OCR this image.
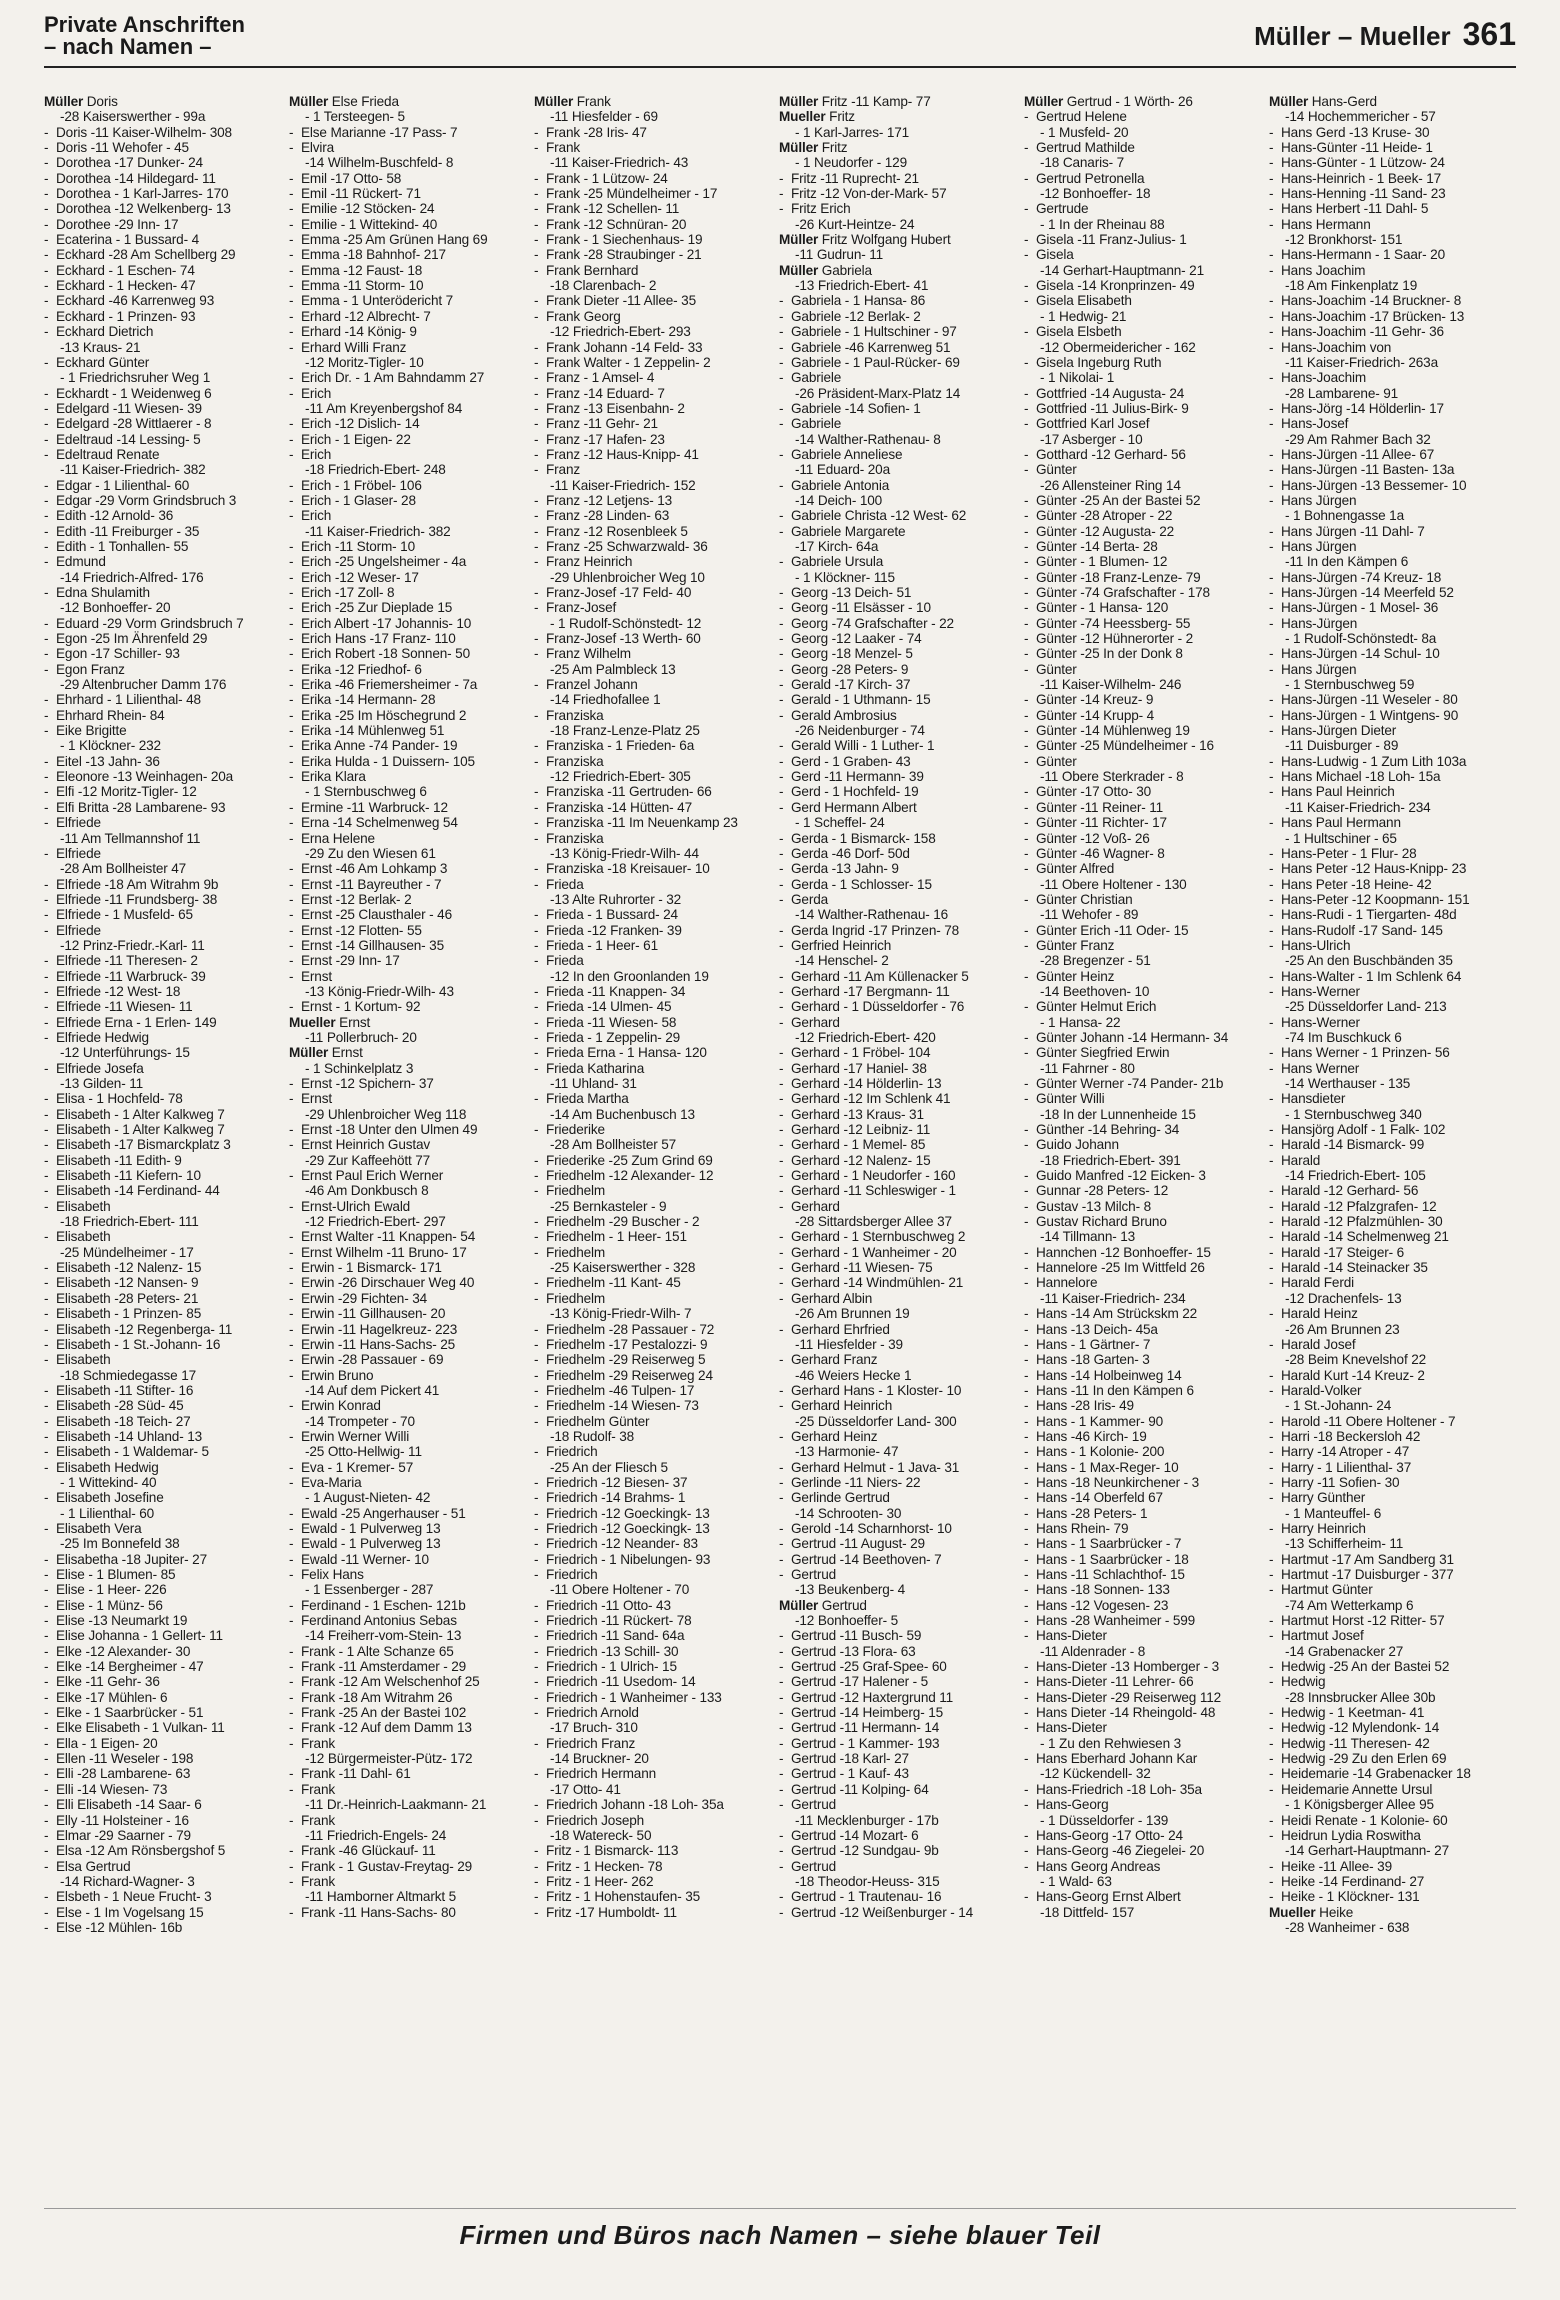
Private Anschriften
– nach Namen –	Müller – Mueller 361
Müller Doris
-28 Kaiserswerther - 99a
- Doris -11 Kaiser-Wilhelm- 308
- Doris -11 Wehofer - 45
- Dorothea -17 Dunker- 24
- Dorothea -14 Hildegard- 11
- Dorothea - 1 Karl-Jarres- 170
- Dorothea -12 Welkenberg- 13
- Dorothee -29 Inn- 17
- Ecaterina - 1 Bussard- 4
- Eckhard -28 Am Schellberg 29
- Eckhard - 1 Eschen- 74
- Eckhard - 1 Hecken- 47
- Eckhard -46 Karrenweg 93
- Eckhard - 1 Prinzen- 93
- Eckhard Dietrich
-13 Kraus- 21
- Eckhard Günter
- 1 Friedrichsruher Weg 1
- Eckhardt - 1 Weidenweg 6
- Edelgard -11 Wiesen- 39
- Edelgard -28 Wittlaerer - 8
- Edeltraud -14 Lessing- 5
- Edeltraud Renate
-11 Kaiser-Friedrich- 382
- Edgar - 1 Lilienthal- 60
- Edgar -29 Vorm Grindsbruch 3
- Edith -12 Arnold- 36
- Edith -11 Freiburger - 35
- Edith - 1 Tonhallen- 55
- Edmund
-14 Friedrich-Alfred- 176
- Edna Shulamith
-12 Bonhoeffer- 20
- Eduard -29 Vorm Grindsbruch 7
- Egon -25 Im Ährenfeld 29
- Egon -17 Schiller- 93
- Egon Franz
-29 Altenbrucher Damm 176
- Ehrhard - 1 Lilienthal- 48
- Ehrhard Rhein- 84
- Eike Brigitte
- 1 Klöckner- 232
- Eitel -13 Jahn- 36
- Eleonore -13 Weinhagen- 20a
- Elfi -12 Moritz-Tigler- 12
- Elfi Britta -28 Lambarene- 93
- Elfriede
-11 Am Tellmannshof 11
- Elfriede
-28 Am Bollheister 47
- Elfriede -18 Am Witrahm 9b
- Elfriede -11 Frundsberg- 38
- Elfriede - 1 Musfeld- 65
- Elfriede
-12 Prinz-Friedr.-Karl- 11
- Elfriede -11 Theresen- 2
- Elfriede -11 Warbruck- 39
- Elfriede -12 West- 18
- Elfriede -11 Wiesen- 11
- Elfriede Erna - 1 Erlen- 149
- Elfriede Hedwig
-12 Unterführungs- 15
- Elfriede Josefa
-13 Gilden- 11
- Elisa - 1 Hochfeld- 78
- Elisabeth - 1 Alter Kalkweg 7
- Elisabeth - 1 Alter Kalkweg 7
- Elisabeth -17 Bismarckplatz 3
- Elisabeth -11 Edith- 9
- Elisabeth -11 Kiefern- 10
- Elisabeth -14 Ferdinand- 44
- Elisabeth
-18 Friedrich-Ebert- 111
- Elisabeth
-25 Mündelheimer - 17
- Elisabeth -12 Nalenz- 15
- Elisabeth -12 Nansen- 9
- Elisabeth -28 Peters- 21
- Elisabeth - 1 Prinzen- 85
- Elisabeth -12 Regenberga- 11
- Elisabeth - 1 St.-Johann- 16
- Elisabeth
-18 Schmiedegasse 17
- Elisabeth -11 Stifter- 16
- Elisabeth -28 Süd- 45
- Elisabeth -18 Teich- 27
- Elisabeth -14 Uhland- 13
- Elisabeth - 1 Waldemar- 5
- Elisabeth Hedwig
- 1 Wittekind- 40
- Elisabeth Josefine
- 1 Lilienthal- 60
- Elisabeth Vera
-25 Im Bonnefeld 38
- Elisabetha -18 Jupiter- 27
- Elise - 1 Blumen- 85
- Elise - 1 Heer- 226
- Elise - 1 Münz- 56
- Elise -13 Neumarkt 19
- Elise Johanna - 1 Gellert- 11
- Elke -12 Alexander- 30
- Elke -14 Bergheimer - 47
- Elke -11 Gehr- 36
- Elke -17 Mühlen- 6
- Elke - 1 Saarbrücker - 51
- Elke Elisabeth - 1 Vulkan- 11
- Ella - 1 Eigen- 20
- Ellen -11 Weseler - 198
- Elli -28 Lambarene- 63
- Elli -14 Wiesen- 73
- Elli Elisabeth -14 Saar- 6
- Elly -11 Holsteiner - 16
- Elmar -29 Saarner - 79
- Elsa -12 Am Rönsbergshof 5
- Elsa Gertrud
-14 Richard-Wagner- 3
- Elsbeth - 1 Neue Frucht- 3
- Else - 1 Im Vogelsang 15
- Else -12 Mühlen- 16b
Müller Else Frieda
- 1 Tersteegen- 5
- Else Marianne -17 Pass- 7
- Elvira
-14 Wilhelm-Buschfeld- 8
- Emil -17 Otto- 58
- Emil -11 Rückert- 71
- Emilie -12 Stöcken- 24
- Emilie - 1 Wittekind- 40
- Emma -25 Am Grünen Hang 69
- Emma -18 Bahnhof- 217
- Emma -12 Faust- 18
- Emma -11 Storm- 10
- Emma - 1 Unterödericht 7
- Erhard -12 Albrecht- 7
- Erhard -14 König- 9
- Erhard Willi Franz
-12 Moritz-Tigler- 10
- Erich Dr. - 1 Am Bahndamm 27
- Erich
-11 Am Kreyenbergshof 84
- Erich -12 Dislich- 14
- Erich - 1 Eigen- 22
- Erich
-18 Friedrich-Ebert- 248
- Erich - 1 Fröbel- 106
- Erich - 1 Glaser- 28
- Erich
-11 Kaiser-Friedrich- 382
- Erich -11 Storm- 10
- Erich -25 Ungelsheimer - 4a
- Erich -12 Weser- 17
- Erich -17 Zoll- 8
- Erich -25 Zur Dieplade 15
- Erich Albert -17 Johannis- 10
- Erich Hans -17 Franz- 110
- Erich Robert -18 Sonnen- 50
- Erika -12 Friedhof- 6
- Erika -46 Friemersheimer - 7a
- Erika -14 Hermann- 28
- Erika -25 Im Höschegrund 2
- Erika -14 Mühlenweg 51
- Erika Anne -74 Pander- 19
- Erika Hulda - 1 Duissern- 105
- Erika Klara
- 1 Sternbuschweg 6
- Ermine -11 Warbruck- 12
- Erna -14 Schelmenweg 54
- Erna Helene
-29 Zu den Wiesen 61
- Ernst -46 Am Lohkamp 3
- Ernst -11 Bayreuther - 7
- Ernst -12 Berlak- 2
- Ernst -25 Clausthaler - 46
- Ernst -12 Flotten- 55
- Ernst -14 Gillhausen- 35
- Ernst -29 Inn- 17
- Ernst
-13 König-Friedr-Wilh- 43
- Ernst - 1 Kortum- 92
Mueller Ernst
-11 Pollerbruch- 20
Müller Ernst
- 1 Schinkelplatz 3
- Ernst -12 Spichern- 37
- Ernst
-29 Uhlenbroicher Weg 118
- Ernst -18 Unter den Ulmen 49
- Ernst Heinrich Gustav
-29 Zur Kaffeehött 77
- Ernst Paul Erich Werner
-46 Am Donkbusch 8
- Ernst-Ulrich Ewald
-12 Friedrich-Ebert- 297
- Ernst Walter -11 Knappen- 54
- Ernst Wilhelm -11 Bruno- 17
- Erwin - 1 Bismarck- 171
- Erwin -26 Dirschauer Weg 40
- Erwin -29 Fichten- 34
- Erwin -11 Gillhausen- 20
- Erwin -11 Hagelkreuz- 223
- Erwin -11 Hans-Sachs- 25
- Erwin -28 Passauer - 69
- Erwin Bruno
-14 Auf dem Pickert 41
- Erwin Konrad
-14 Trompeter - 70
- Erwin Werner Willi
-25 Otto-Hellwig- 11
- Eva - 1 Kremer- 57
- Eva-Maria
- 1 August-Nieten- 42
- Ewald -25 Angerhauser - 51
- Ewald - 1 Pulverweg 13
- Ewald - 1 Pulverweg 13
- Ewald -11 Werner- 10
- Felix Hans
- 1 Essenberger - 287
- Ferdinand - 1 Eschen- 121b
- Ferdinand Antonius Sebas
-14 Freiherr-vom-Stein- 13
- Frank - 1 Alte Schanze 65
- Frank -11 Amsterdamer - 29
- Frank -12 Am Welschenhof 25
- Frank -18 Am Witrahm 26
- Frank -25 An der Bastei 102
- Frank -12 Auf dem Damm 13
- Frank
-12 Bürgermeister-Pütz- 172
- Frank -11 Dahl- 61
- Frank
-11 Dr.-Heinrich-Laakmann- 21
- Frank
-11 Friedrich-Engels- 24
- Frank -46 Glückauf- 11
- Frank - 1 Gustav-Freytag- 29
- Frank
-11 Hamborner Altmarkt 5
- Frank -11 Hans-Sachs- 80
Müller Frank
-11 Hiesfelder - 69
- Frank -28 Iris- 47
- Frank
-11 Kaiser-Friedrich- 43
- Frank - 1 Lützow- 24
- Frank -25 Mündelheimer - 17
- Frank -12 Schellen- 11
- Frank -12 Schnüran- 20
- Frank - 1 Siechenhaus- 19
- Frank -28 Straubinger - 21
- Frank Bernhard
-18 Clarenbach- 2
- Frank Dieter -11 Allee- 35
- Frank Georg
-12 Friedrich-Ebert- 293
- Frank Johann -14 Feld- 33
- Frank Walter - 1 Zeppelin- 2
- Franz - 1 Amsel- 4
- Franz -14 Eduard- 7
- Franz -13 Eisenbahn- 2
- Franz -11 Gehr- 21
- Franz -17 Hafen- 23
- Franz -12 Haus-Knipp- 41
- Franz
-11 Kaiser-Friedrich- 152
- Franz -12 Letjens- 13
- Franz -28 Linden- 63
- Franz -12 Rosenbleek 5
- Franz -25 Schwarzwald- 36
- Franz Heinrich
-29 Uhlenbroicher Weg 10
- Franz-Josef -17 Feld- 40
- Franz-Josef
- 1 Rudolf-Schönstedt- 12
- Franz-Josef -13 Werth- 60
- Franz Wilhelm
-25 Am Palmbleck 13
- Franzel Johann
-14 Friedhofallee 1
- Franziska
-18 Franz-Lenze-Platz 25
- Franziska - 1 Frieden- 6a
- Franziska
-12 Friedrich-Ebert- 305
- Franziska -11 Gertruden- 66
- Franziska -14 Hütten- 47
- Franziska -11 Im Neuenkamp 23
- Franziska
-13 König-Friedr-Wilh- 44
- Franziska -18 Kreisauer- 10
- Frieda
-13 Alte Ruhrorter - 32
- Frieda - 1 Bussard- 24
- Frieda -12 Franken- 39
- Frieda - 1 Heer- 61
- Frieda
-12 In den Groonlanden 19
- Frieda -11 Knappen- 34
- Frieda -14 Ulmen- 45
- Frieda -11 Wiesen- 58
- Frieda - 1 Zeppelin- 29
- Frieda Erna - 1 Hansa- 120
- Frieda Katharina
-11 Uhland- 31
- Frieda Martha
-14 Am Buchenbusch 13
- Friederike
-28 Am Bollheister 57
- Friederike -25 Zum Grind 69
- Friedhelm -12 Alexander- 12
- Friedhelm
-25 Bernkasteler - 9
- Friedhelm -29 Buscher - 2
- Friedhelm - 1 Heer- 151
- Friedhelm
-25 Kaiserswerther - 328
- Friedhelm -11 Kant- 45
- Friedhelm
-13 König-Friedr-Wilh- 7
- Friedhelm -28 Passauer - 72
- Friedhelm -17 Pestalozzi- 9
- Friedhelm -29 Reiserweg 5
- Friedhelm -29 Reiserweg 24
- Friedhelm -46 Tulpen- 17
- Friedhelm -14 Wiesen- 73
- Friedhelm Günter
-18 Rudolf- 38
- Friedrich
-25 An der Fliesch 5
- Friedrich -12 Biesen- 37
- Friedrich -14 Brahms- 1
- Friedrich -12 Goeckingk- 13
- Friedrich -12 Goeckingk- 13
- Friedrich -12 Neander- 83
- Friedrich - 1 Nibelungen- 93
- Friedrich
-11 Obere Holtener - 70
- Friedrich -11 Otto- 43
- Friedrich -11 Rückert- 78
- Friedrich -11 Sand- 64a
- Friedrich -13 Schill- 30
- Friedrich - 1 Ulrich- 15
- Friedrich -11 Usedom- 14
- Friedrich - 1 Wanheimer - 133
- Friedrich Arnold
-17 Bruch- 310
- Friedrich Franz
-14 Bruckner- 20
- Friedrich Hermann
-17 Otto- 41
- Friedrich Johann -18 Loh- 35a
- Friedrich Joseph
-18 Watereck- 50
- Fritz - 1 Bismarck- 113
- Fritz - 1 Hecken- 78
- Fritz - 1 Heer- 262
- Fritz - 1 Hohenstaufen- 35
- Fritz -17 Humboldt- 11
Müller Fritz -11 Kamp- 77
Mueller Fritz
- 1 Karl-Jarres- 171
Müller Fritz
- 1 Neudorfer - 129
- Fritz -11 Ruprecht- 21
- Fritz -12 Von-der-Mark- 57
- Fritz Erich
-26 Kurt-Heintze- 24
Müller Fritz Wolfgang Hubert
-11 Gudrun- 11
Müller Gabriela
-13 Friedrich-Ebert- 41
- Gabriela - 1 Hansa- 86
- Gabriele -12 Berlak- 2
- Gabriele - 1 Hultschiner - 97
- Gabriele -46 Karrenweg 51
- Gabriele - 1 Paul-Rücker- 69
- Gabriele
-26 Präsident-Marx-Platz 14
- Gabriele -14 Sofien- 1
- Gabriele
-14 Walther-Rathenau- 8
- Gabriele Anneliese
-11 Eduard- 20a
- Gabriele Antonia
-14 Deich- 100
- Gabriele Christa -12 West- 62
- Gabriele Margarete
-17 Kirch- 64a
- Gabriele Ursula
- 1 Klöckner- 115
- Georg -13 Deich- 51
- Georg -11 Elsässer - 10
- Georg -74 Grafschafter - 22
- Georg -12 Laaker - 74
- Georg -18 Menzel- 5
- Georg -28 Peters- 9
- Gerald -17 Kirch- 37
- Gerald - 1 Uthmann- 15
- Gerald Ambrosius
-26 Neidenburger - 74
- Gerald Willi - 1 Luther- 1
- Gerd - 1 Graben- 43
- Gerd -11 Hermann- 39
- Gerd - 1 Hochfeld- 19
- Gerd Hermann Albert
- 1 Scheffel- 24
- Gerda - 1 Bismarck- 158
- Gerda -46 Dorf- 50d
- Gerda -13 Jahn- 9
- Gerda - 1 Schlosser- 15
- Gerda
-14 Walther-Rathenau- 16
- Gerda Ingrid -17 Prinzen- 78
- Gerfried Heinrich
-14 Henschel- 2
- Gerhard -11 Am Küllenacker 5
- Gerhard -17 Bergmann- 11
- Gerhard - 1 Düsseldorfer - 76
- Gerhard
-12 Friedrich-Ebert- 420
- Gerhard - 1 Fröbel- 104
- Gerhard -17 Haniel- 38
- Gerhard -14 Hölderlin- 13
- Gerhard -12 Im Schlenk 41
- Gerhard -13 Kraus- 31
- Gerhard -12 Leibniz- 11
- Gerhard - 1 Memel- 85
- Gerhard -12 Nalenz- 15
- Gerhard - 1 Neudorfer - 160
- Gerhard -11 Schleswiger - 1
- Gerhard
-28 Sittardsberger Allee 37
- Gerhard - 1 Sternbuschweg 2
- Gerhard - 1 Wanheimer - 20
- Gerhard -11 Wiesen- 75
- Gerhard -14 Windmühlen- 21
- Gerhard Albin
-26 Am Brunnen 19
- Gerhard Ehrfried
-11 Hiesfelder - 39
- Gerhard Franz
-46 Weiers Hecke 1
- Gerhard Hans - 1 Kloster- 10
- Gerhard Heinrich
-25 Düsseldorfer Land- 300
- Gerhard Heinz
-13 Harmonie- 47
- Gerhard Helmut - 1 Java- 31
- Gerlinde -11 Niers- 22
- Gerlinde Gertrud
-14 Schrooten- 30
- Gerold -14 Scharnhorst- 10
- Gertrud -11 August- 29
- Gertrud -14 Beethoven- 7
- Gertrud
-13 Beukenberg- 4
Müller Gertrud
-12 Bonhoeffer- 5
- Gertrud -11 Busch- 59
- Gertrud -13 Flora- 63
- Gertrud -25 Graf-Spee- 60
- Gertrud -17 Halener - 5
- Gertrud -12 Haxtergrund 11
- Gertrud -14 Heimberg- 15
- Gertrud -11 Hermann- 14
- Gertrud - 1 Kammer- 193
- Gertrud -18 Karl- 27
- Gertrud - 1 Kauf- 43
- Gertrud -11 Kolping- 64
- Gertrud
-11 Mecklenburger - 17b
- Gertrud -14 Mozart- 6
- Gertrud -12 Sundgau- 9b
- Gertrud
-18 Theodor-Heuss- 315
- Gertrud - 1 Trautenau- 16
- Gertrud -12 Weißenburger - 14
Müller Gertrud - 1 Wörth- 26
- Gertrud Helene
- 1 Musfeld- 20
- Gertrud Mathilde
-18 Canaris- 7
- Gertrud Petronella
-12 Bonhoeffer- 18
- Gertrude
- 1 In der Rheinau 88
- Gisela -11 Franz-Julius- 1
- Gisela
-14 Gerhart-Hauptmann- 21
- Gisela -14 Kronprinzen- 49
- Gisela Elisabeth
- 1 Hedwig- 21
- Gisela Elsbeth
-12 Obermeidericher - 162
- Gisela Ingeburg Ruth
- 1 Nikolai- 1
- Gottfried -14 Augusta- 24
- Gottfried -11 Julius-Birk- 9
- Gottfried Karl Josef
-17 Asberger - 10
- Gotthard -12 Gerhard- 56
- Günter
-26 Allensteiner Ring 14
- Günter -25 An der Bastei 52
- Günter -28 Atroper - 22
- Günter -12 Augusta- 22
- Günter -14 Berta- 28
- Günter - 1 Blumen- 12
- Günter -18 Franz-Lenze- 79
- Günter -74 Grafschafter - 178
- Günter - 1 Hansa- 120
- Günter -74 Heessberg- 55
- Günter -12 Hühnerorter - 2
- Günter -25 In der Donk 8
- Günter
-11 Kaiser-Wilhelm- 246
- Günter -14 Kreuz- 9
- Günter -14 Krupp- 4
- Günter -14 Mühlenweg 19
- Günter -25 Mündelheimer - 16
- Günter
-11 Obere Sterkrader - 8
- Günter -17 Otto- 30
- Günter -11 Reiner- 11
- Günter -11 Richter- 17
- Günter -12 Voß- 26
- Günter -46 Wagner- 8
- Günter Alfred
-11 Obere Holtener - 130
- Günter Christian
-11 Wehofer - 89
- Günter Erich -11 Oder- 15
- Günter Franz
-28 Bregenzer - 51
- Günter Heinz
-14 Beethoven- 10
- Günter Helmut Erich
- 1 Hansa- 22
- Günter Johann -14 Hermann- 34
- Günter Siegfried Erwin
-11 Fahrner - 80
- Günter Werner -74 Pander- 21b
- Günter Willi
-18 In der Lunnenheide 15
- Günther -14 Behring- 34
- Guido Johann
-18 Friedrich-Ebert- 391
- Guido Manfred -12 Eicken- 3
- Gunnar -28 Peters- 12
- Gustav -13 Milch- 8
- Gustav Richard Bruno
-14 Tillmann- 13
- Hannchen -12 Bonhoeffer- 15
- Hannelore -25 Im Wittfeld 26
- Hannelore
-11 Kaiser-Friedrich- 234
- Hans -14 Am Strückskm 22
- Hans -13 Deich- 45a
- Hans - 1 Gärtner- 7
- Hans -18 Garten- 3
- Hans -14 Holbeinweg 14
- Hans -11 In den Kämpen 6
- Hans -28 Iris- 49
- Hans - 1 Kammer- 90
- Hans -46 Kirch- 19
- Hans - 1 Kolonie- 200
- Hans - 1 Max-Reger- 10
- Hans -18 Neunkirchener - 3
- Hans -14 Oberfeld 67
- Hans -28 Peters- 1
- Hans Rhein- 79
- Hans - 1 Saarbrücker - 7
- Hans - 1 Saarbrücker - 18
- Hans -11 Schlachthof- 15
- Hans -18 Sonnen- 133
- Hans -12 Vogesen- 23
- Hans -28 Wanheimer - 599
- Hans-Dieter
-11 Aldenrader - 8
- Hans-Dieter -13 Homberger - 3
- Hans-Dieter -11 Lehrer- 66
- Hans-Dieter -29 Reiserweg 112
- Hans Dieter -14 Rheingold- 48
- Hans-Dieter
- 1 Zu den Rehwiesen 3
- Hans Eberhard Johann Kar
-12 Kückendell- 32
- Hans-Friedrich -18 Loh- 35a
- Hans-Georg
- 1 Düsseldorfer - 139
- Hans-Georg -17 Otto- 24
- Hans-Georg -46 Ziegelei- 20
- Hans Georg Andreas
- 1 Wald- 63
- Hans-Georg Ernst Albert
-18 Dittfeld- 157
Müller Hans-Gerd
-14 Hochemmericher - 57
- Hans Gerd -13 Kruse- 30
- Hans-Günter -11 Heide- 1
- Hans-Günter - 1 Lützow- 24
- Hans-Heinrich - 1 Beek- 17
- Hans-Henning -11 Sand- 23
- Hans Herbert -11 Dahl- 5
- Hans Hermann
-12 Bronkhorst- 151
- Hans-Hermann - 1 Saar- 20
- Hans Joachim
-18 Am Finkenplatz 19
- Hans-Joachim -14 Bruckner- 8
- Hans-Joachim -17 Brücken- 13
- Hans-Joachim -11 Gehr- 36
- Hans-Joachim von
-11 Kaiser-Friedrich- 263a
- Hans-Joachim
-28 Lambarene- 91
- Hans-Jörg -14 Hölderlin- 17
- Hans-Josef
-29 Am Rahmer Bach 32
- Hans-Jürgen -11 Allee- 67
- Hans-Jürgen -11 Basten- 13a
- Hans-Jürgen -13 Bessemer- 10
- Hans Jürgen
- 1 Bohnengasse 1a
- Hans Jürgen -11 Dahl- 7
- Hans Jürgen
-11 In den Kämpen 6
- Hans-Jürgen -74 Kreuz- 18
- Hans-Jürgen -14 Meerfeld 52
- Hans-Jürgen - 1 Mosel- 36
- Hans-Jürgen
- 1 Rudolf-Schönstedt- 8a
- Hans-Jürgen -14 Schul- 10
- Hans Jürgen
- 1 Sternbuschweg 59
- Hans-Jürgen -11 Weseler - 80
- Hans-Jürgen - 1 Wintgens- 90
- Hans-Jürgen Dieter
-11 Duisburger - 89
- Hans-Ludwig - 1 Zum Lith 103a
- Hans Michael -18 Loh- 15a
- Hans Paul Heinrich
-11 Kaiser-Friedrich- 234
- Hans Paul Hermann
- 1 Hultschiner - 65
- Hans-Peter - 1 Flur- 28
- Hans Peter -12 Haus-Knipp- 23
- Hans Peter -18 Heine- 42
- Hans-Peter -12 Koopmann- 151
- Hans-Rudi - 1 Tiergarten- 48d
- Hans-Rudolf -17 Sand- 145
- Hans-Ulrich
-25 An den Buschbänden 35
- Hans-Walter - 1 Im Schlenk 64
- Hans-Werner
-25 Düsseldorfer Land- 213
- Hans-Werner
-74 Im Buschkuck 6
- Hans Werner - 1 Prinzen- 56
- Hans Werner
-14 Werthauser - 135
- Hansdieter
- 1 Sternbuschweg 340
- Hansjörg Adolf - 1 Falk- 102
- Harald -14 Bismarck- 99
- Harald
-14 Friedrich-Ebert- 105
- Harald -12 Gerhard- 56
- Harald -12 Pfalzgrafen- 12
- Harald -12 Pfalzmühlen- 30
- Harald -14 Schelmenweg 21
- Harald -17 Steiger- 6
- Harald -14 Steinacker 35
- Harald Ferdi
-12 Drachenfels- 13
- Harald Heinz
-26 Am Brunnen 23
- Harald Josef
-28 Beim Knevelshof 22
- Harald Kurt -14 Kreuz- 2
- Harald-Volker
- 1 St.-Johann- 24
- Harold -11 Obere Holtener - 7
- Harri -18 Beckersloh 42
- Harry -14 Atroper - 47
- Harry - 1 Lilienthal- 37
- Harry -11 Sofien- 30
- Harry Günther
- 1 Manteuffel- 6
- Harry Heinrich
-13 Schifferheim- 11
- Hartmut -17 Am Sandberg 31
- Hartmut -17 Duisburger - 377
- Hartmut Günter
-74 Am Wetterkamp 6
- Hartmut Horst -12 Ritter- 57
- Hartmut Josef
-14 Grabenacker 27
- Hedwig -25 An der Bastei 52
- Hedwig
-28 Innsbrucker Allee 30b
- Hedwig - 1 Keetman- 41
- Hedwig -12 Mylendonk- 14
- Hedwig -11 Theresen- 42
- Hedwig -29 Zu den Erlen 69
- Heidemarie -14 Grabenacker 18
- Heidemarie Annette Ursul
- 1 Königsberger Allee 95
- Heidi Renate - 1 Kolonie- 60
- Heidrun Lydia Roswitha
-14 Gerhart-Hauptmann- 27
- Heike -11 Allee- 39
- Heike -14 Ferdinand- 27
- Heike - 1 Klöckner- 131
Mueller Heike
-28 Wanheimer - 638
Firmen und Büros nach Namen – siehe blauer Teil
